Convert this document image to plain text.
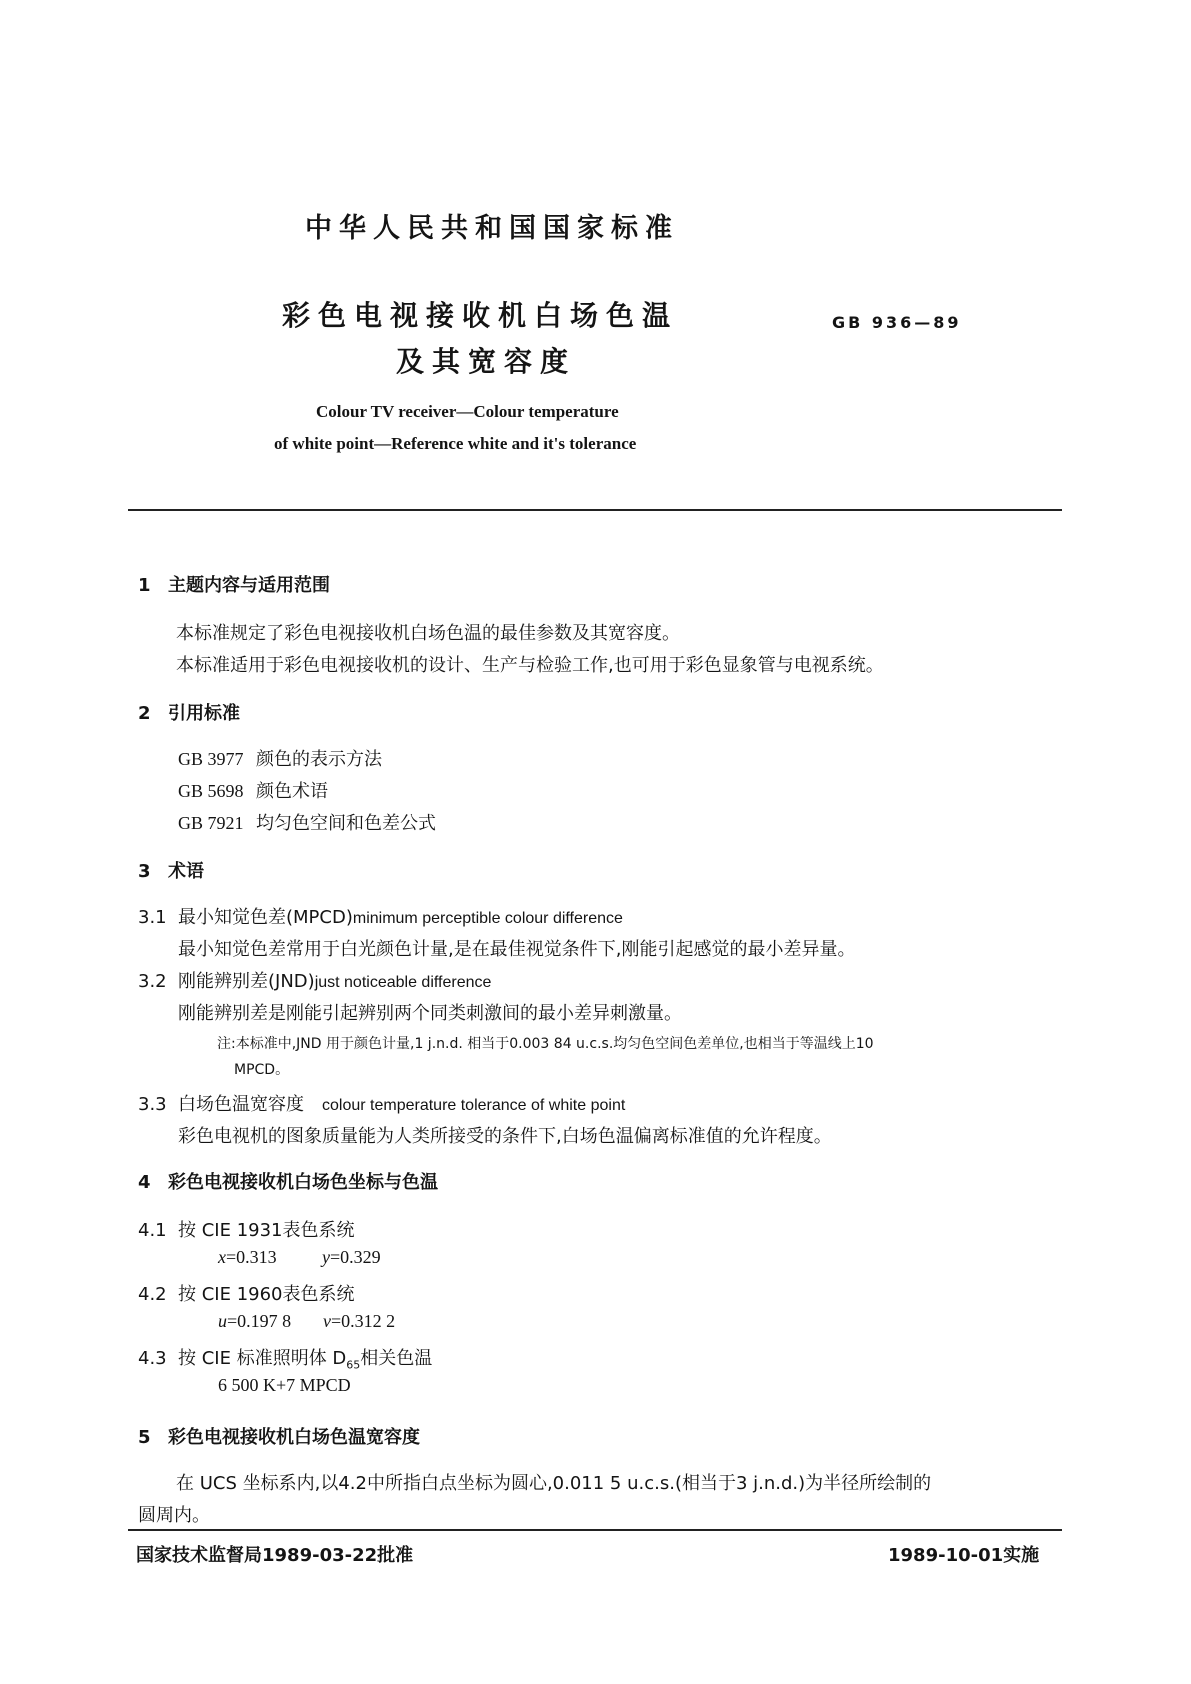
中华人民共和国国家标准
彩色电视接收机白场色温
及其宽容度
GB 936—89
Colour TV receiver—Colour temperature
of white point—Reference white and it's tolerance
1 主题内容与适用范围
本标准规定了彩色电视接收机白场色温的最佳参数及其宽容度。
本标准适用于彩色电视接收机的设计、生产与检验工作,也可用于彩色显象管与电视系统。
2 引用标准
GB 3977 颜色的表示方法
GB 5698 颜色术语
GB 7921 均匀色空间和色差公式
3 术语
3.1 最小知觉色差(MPCD)minimum perceptible colour difference
最小知觉色差常用于白光颜色计量,是在最佳视觉条件下,刚能引起感觉的最小差异量。
3.2 刚能辨别差(JND)just noticeable difference
刚能辨别差是刚能引起辨别两个同类刺激间的最小差异刺激量。
注:本标准中,JND 用于颜色计量,1 j.n.d. 相当于0.003 84 u.c.s.均匀色空间色差单位,也相当于等温线上10
MPCD。
3.3 白场色温宽容度 colour temperature tolerance of white point
彩色电视机的图象质量能为人类所接受的条件下,白场色温偏离标准值的允许程度。
4 彩色电视接收机白场色坐标与色温
4.1 按 CIE 1931表色系统
x=0.313	y=0.329
4.2 按 CIE 1960表色系统
u=0.197 8 v=0.312 2
4.3 按 CIE 标准照明体 $D_{65}$相关色温
6 500 K+7 MPCD
5 彩色电视接收机白场色温宽容度
在 UCS 坐标系内,以4.2中所指白点坐标为圆心,0.011 5 u.c.s.(相当于3 j.n.d.)为半径所绘制的
圆周内。
国家技术监督局1989-03-22批准	1989-10-01实施
